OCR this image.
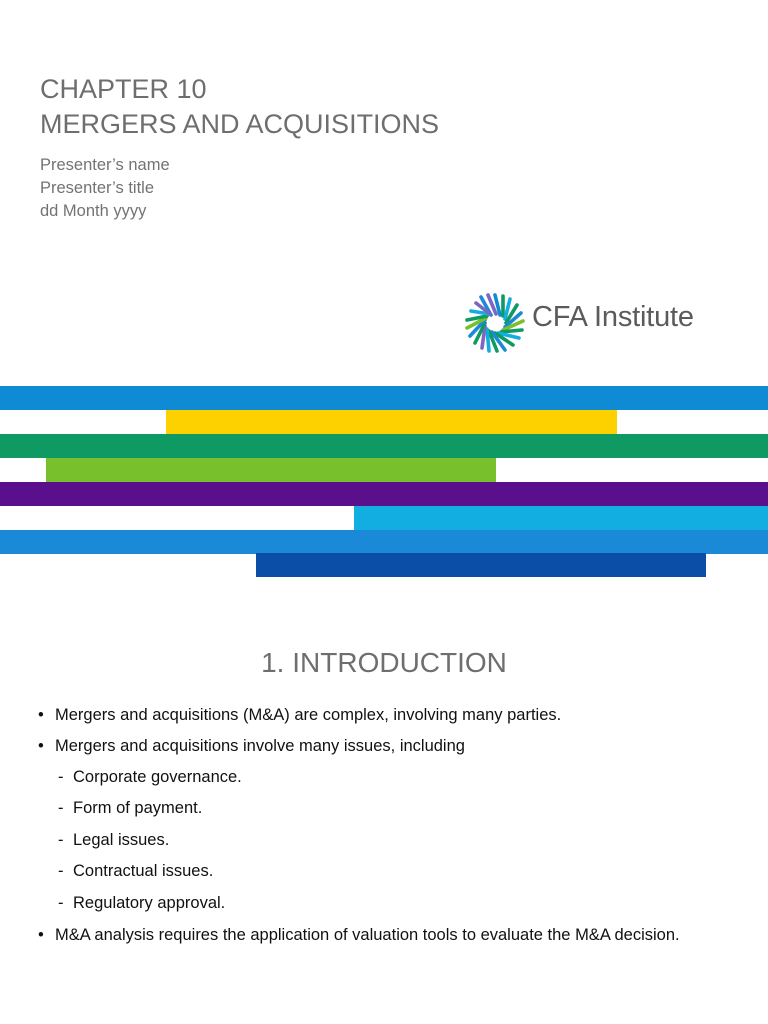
CHAPTER 10
MERGERS AND ACQUISITIONS
Presenter’s name
Presenter’s title
dd Month yyyy
CFA Institute
1. INTRODUCTION
• Mergers and acquisitions (M&A) are complex, involving many parties.
• Mergers and acquisitions involve many issues, including
- Corporate governance.
- Form of payment.
- Legal issues.
- Contractual issues.
- Regulatory approval.
• M&A analysis requires the application of valuation tools to evaluate the M&A decision.
